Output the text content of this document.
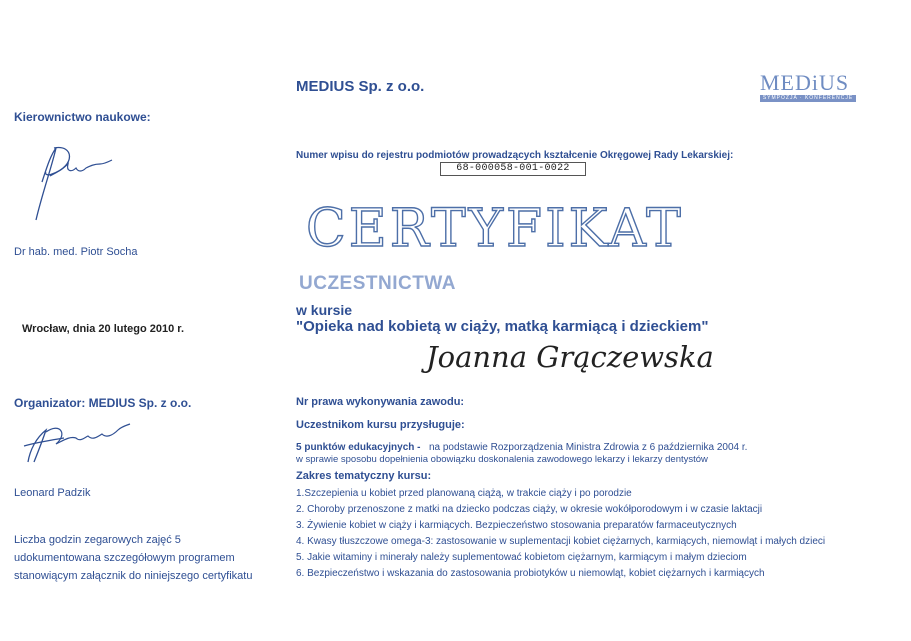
MEDIUS Sp. z o.o.	MEDiUS
SYMPOZJA · KONFERENCJE
Kierownictwo naukowe:
Dr hab. med. Piotr Socha
Wrocław, dnia 20 lutego 2010 r.
Organizator: MEDIUS Sp. z o.o.
Leonard Padzik
Liczba godzin zegarowych zajęć 5
udokumentowana szczegółowym programem
stanowiącym załącznik do niniejszego certyfikatu
Numer wpisu do rejestru podmiotów prowadzących kształcenie Okręgowej Rady Lekarskiej:
68-000058-001-0022
CERTYFIKAT
UCZESTNICTWA
w kursie
"Opieka nad kobietą w ciąży, matką karmiącą i dzieckiem"
Joanna Grączewska
Nr prawa wykonywania zawodu:
Uczestnikom kursu przysługuje:
5 punktów edukacyjnych - na podstawie Rozporządzenia Ministra Zdrowia z 6 października 2004 r.
w sprawie sposobu dopełnienia obowiązku doskonalenia zawodowego lekarzy i lekarzy dentystów
Zakres tematyczny kursu:
1.Szczepienia u kobiet przed planowaną ciążą, w trakcie ciąży i po porodzie
2. Choroby przenoszone z matki na dziecko podczas ciąży, w okresie wokółporodowym i w czasie laktacji
3. Żywienie kobiet w ciąży i karmiących. Bezpieczeństwo stosowania preparatów farmaceutycznych
4. Kwasy tłuszczowe omega-3: zastosowanie w suplementacji kobiet ciężarnych, karmiących, niemowląt i małych dzieci
5. Jakie witaminy i minerały należy suplementować kobietom ciężarnym, karmiącym i małym dzieciom
6. Bezpieczeństwo i wskazania do zastosowania probiotyków u niemowląt, kobiet ciężarnych i karmiących
